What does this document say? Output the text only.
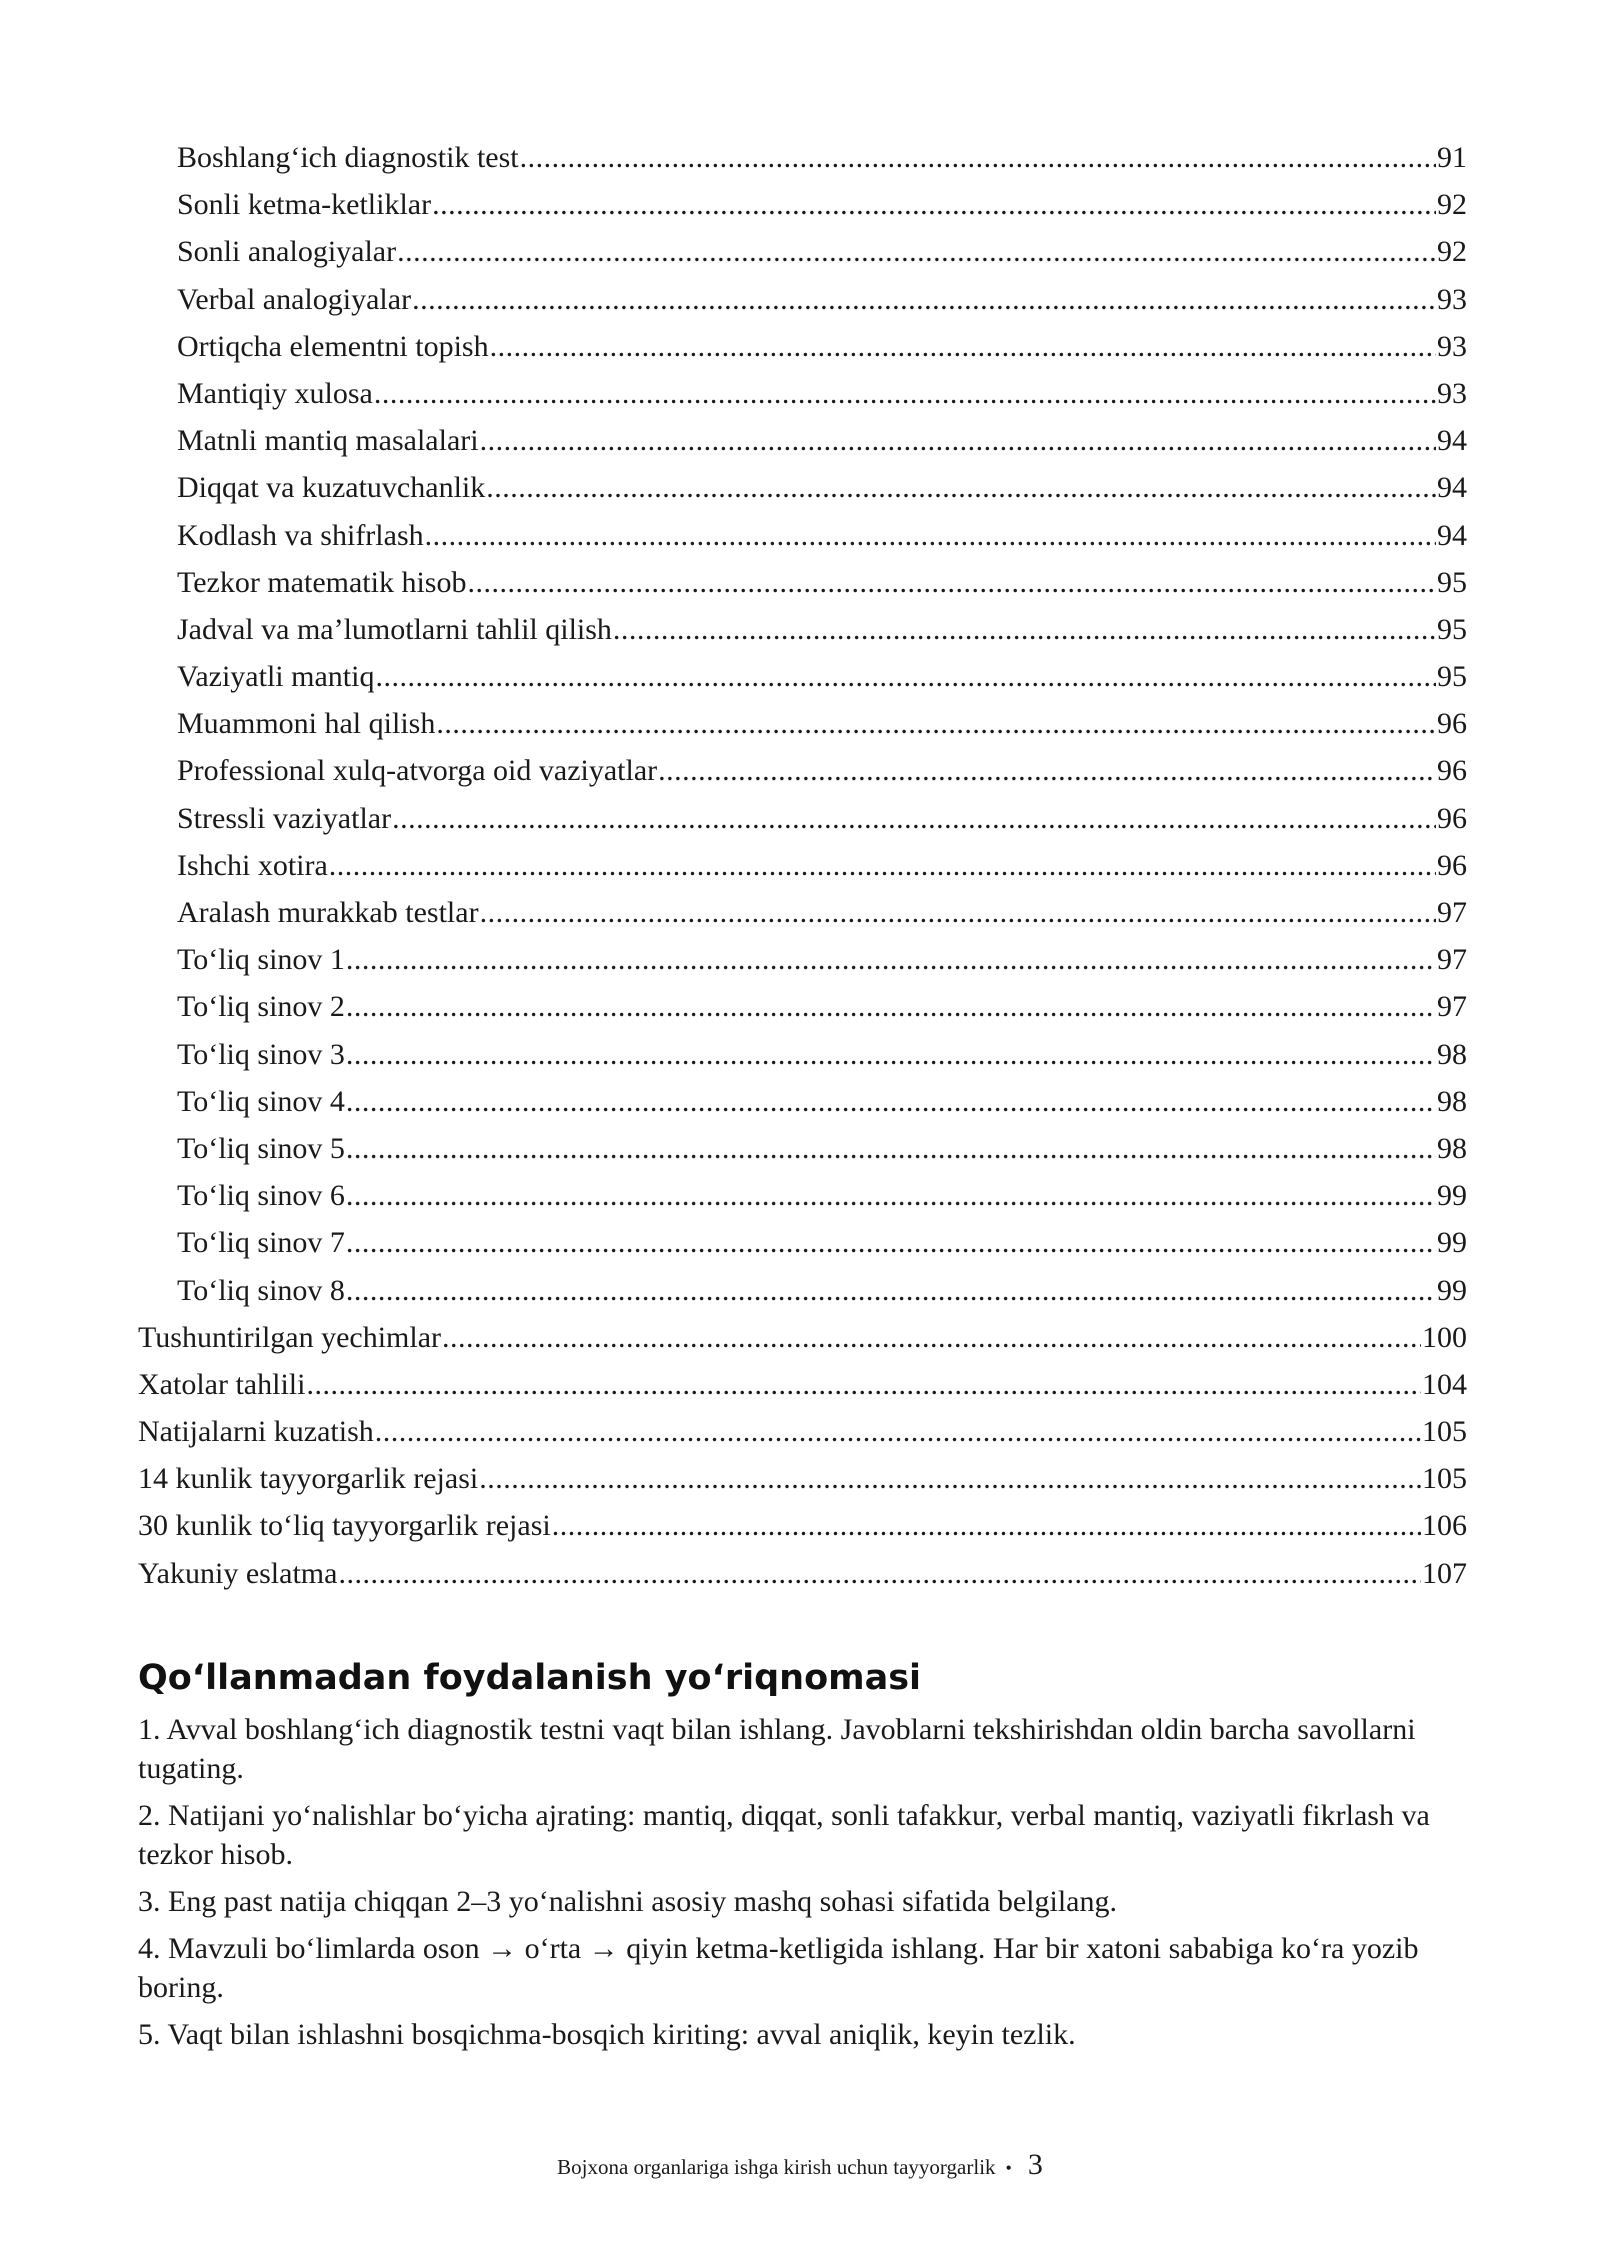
Boshlang‘ich diagnostik test .....	91
Sonli ketma-ketliklar .....	92
Sonli analogiyalar .....	92
Verbal analogiyalar .....	93
Ortiqcha elementni topish .....	93
Mantiqiy xulosa .....	93
Matnli mantiq masalalari .....	94
Diqqat va kuzatuvchanlik .....	94
Kodlash va shifrlash .....	94
Tezkor matematik hisob .....	95
Jadval va ma’lumotlarni tahlil qilish .....	95
Vaziyatli mantiq .....	95
Muammoni hal qilish .....	96
Professional xulq-atvorga oid vaziyatlar .....	96
Stressli vaziyatlar .....	96
Ishchi xotira .....	96
Aralash murakkab testlar .....	97
To‘liq sinov 1 .....	97
To‘liq sinov 2 .....	97
To‘liq sinov 3 .....	98
To‘liq sinov 4 .....	98
To‘liq sinov 5 .....	98
To‘liq sinov 6 .....	99
To‘liq sinov 7 .....	99
To‘liq sinov 8 .....	99
Tushuntirilgan yechimlar .....	100
Xatolar tahlili .....	104
Natijalarni kuzatish .....	105
14 kunlik tayyorgarlik rejasi .....	105
30 kunlik to‘liq tayyorgarlik rejasi .....	106
Yakuniy eslatma .....	107
Qo‘llanmadan foydalanish yo‘riqnomasi
1. Avval boshlang‘ich diagnostik testni vaqt bilan ishlang. Javoblarni tekshirishdan oldin barcha savollarni tugating.
2. Natijani yo‘nalishlar bo‘yicha ajrating: mantiq, diqqat, sonli tafakkur, verbal mantiq, vaziyatli fikrlash va tezkor hisob.
3. Eng past natija chiqqan 2–3 yo‘nalishni asosiy mashq sohasi sifatida belgilang.
4. Mavzuli bo‘limlarda oson → o‘rta → qiyin ketma-ketligida ishlang. Har bir xatoni sababiga ko‘ra yozib boring.
5. Vaqt bilan ishlashni bosqichma-bosqich kiriting: avval aniqlik, keyin tezlik.
Bojxona organlariga ishga kirish uchun tayyorgarlik • 3
